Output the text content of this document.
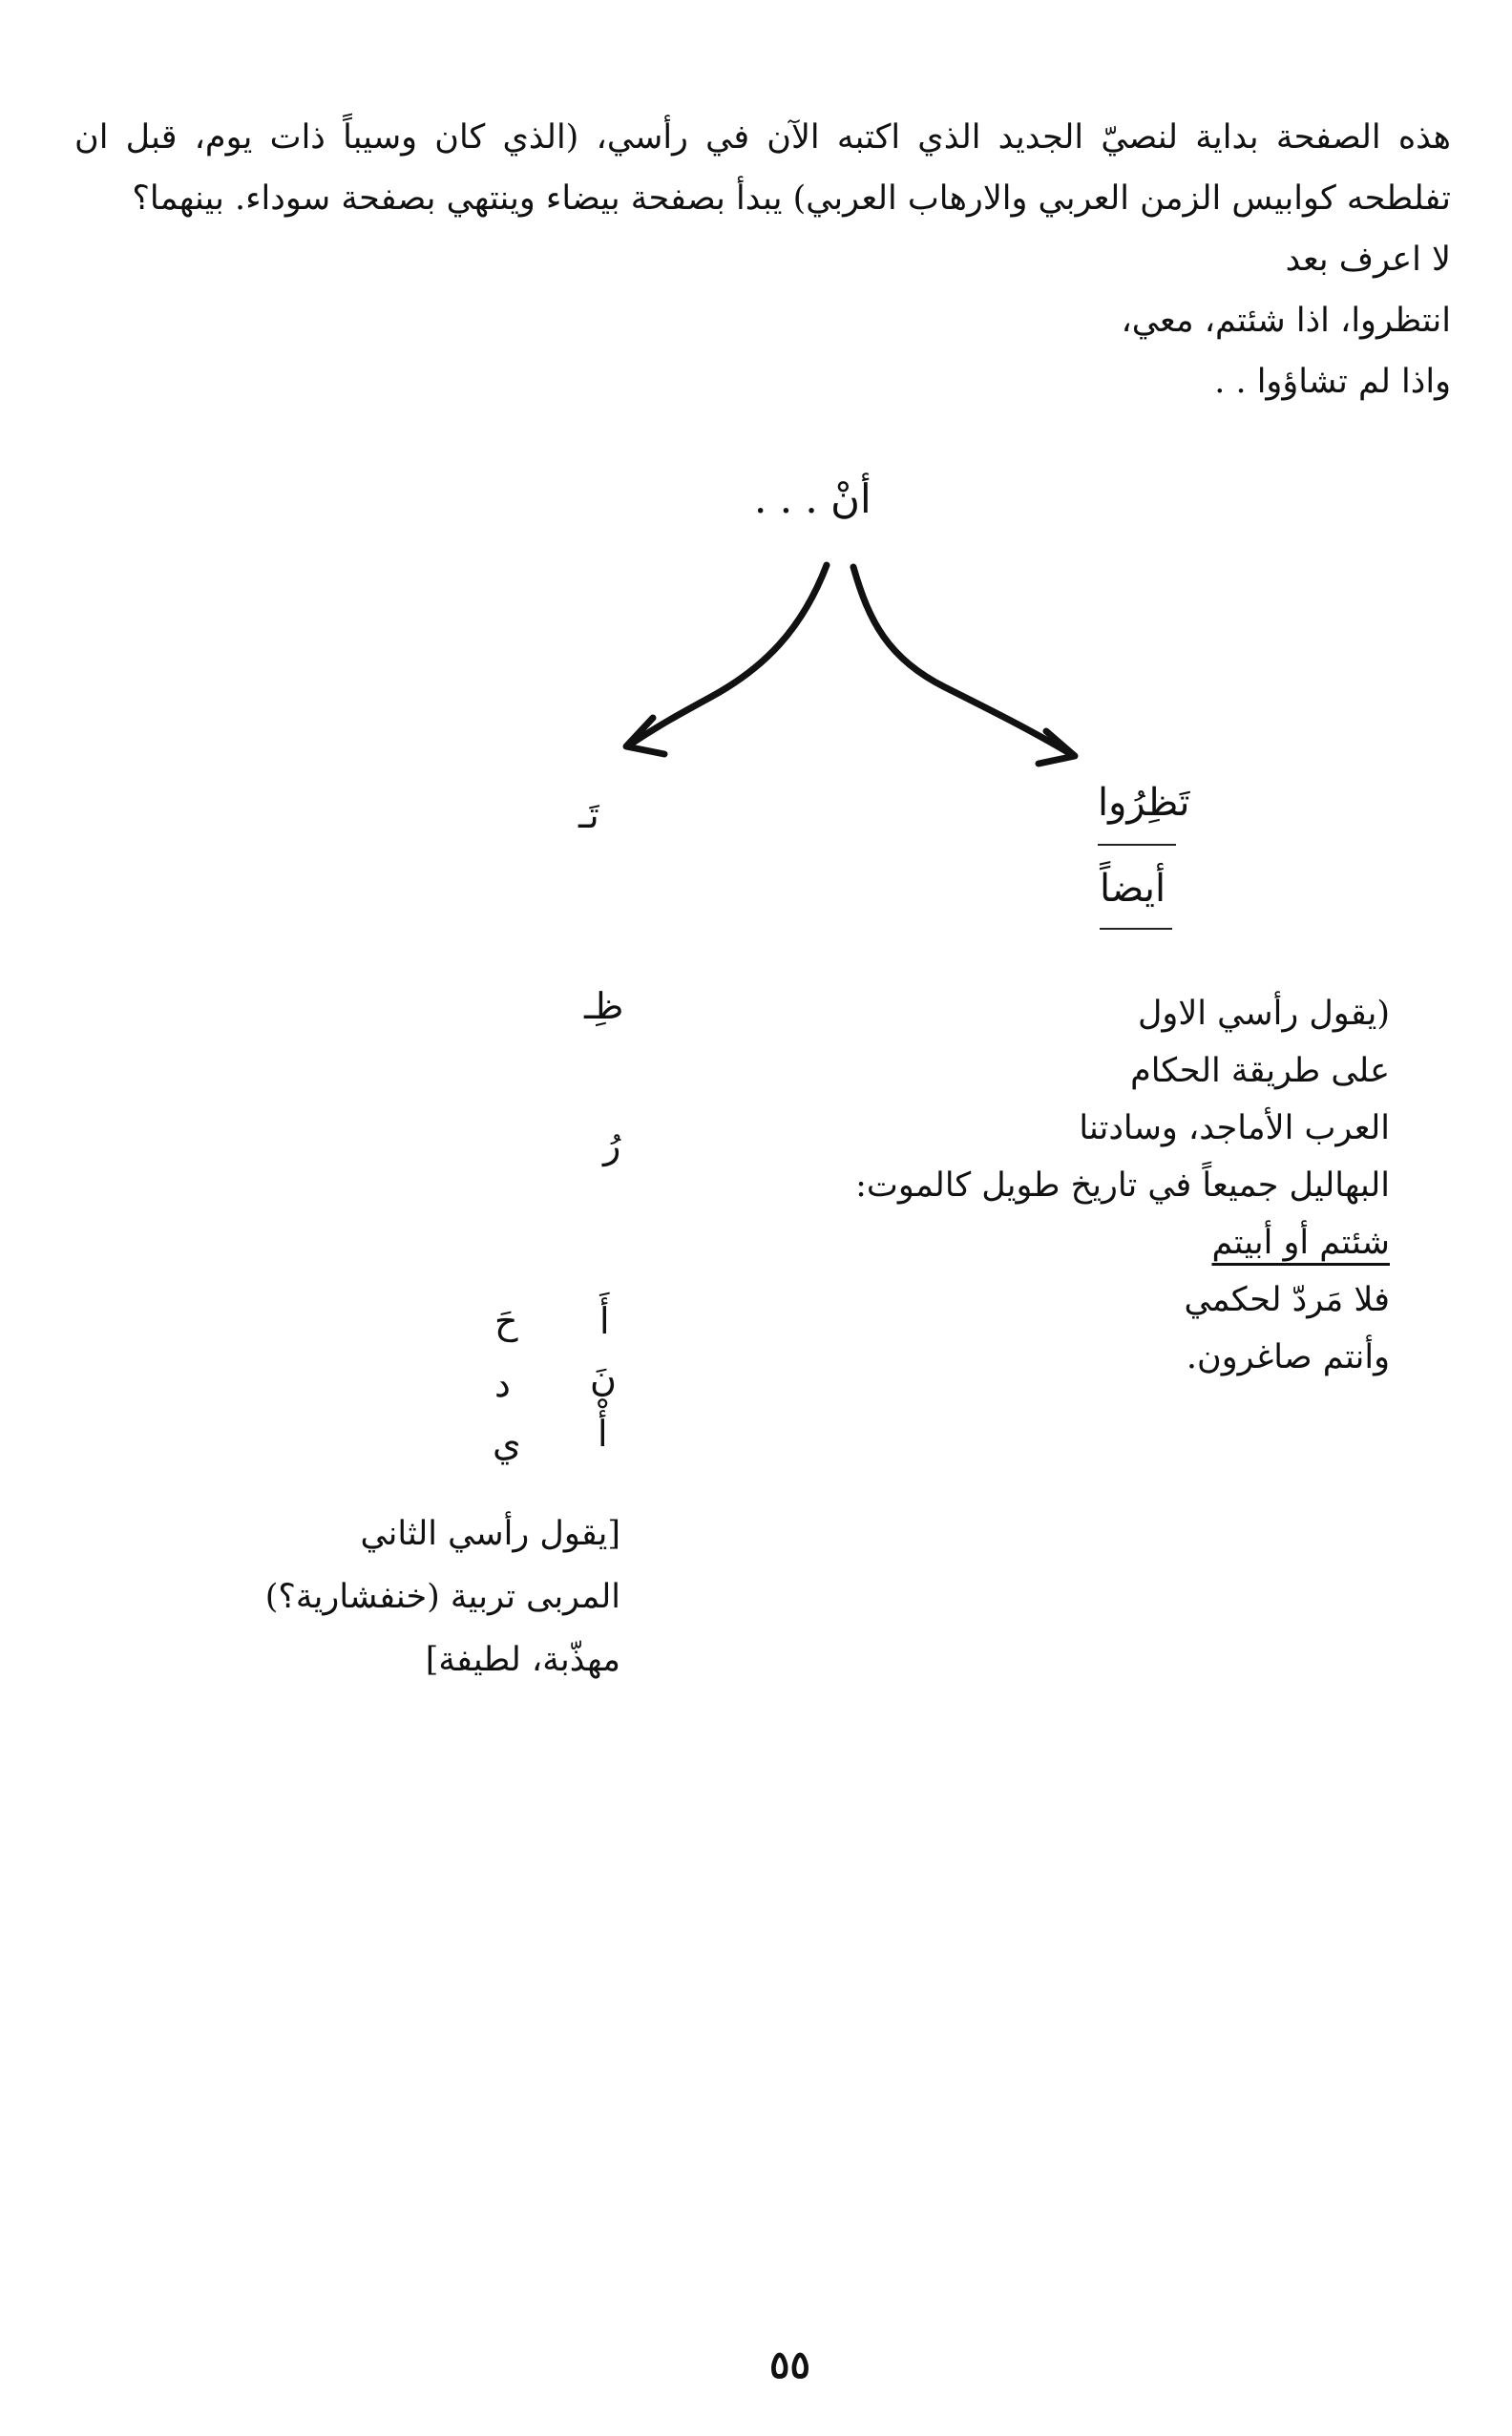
هذه الصفحة بداية لنصيّ الجديد الذي اكتبه الآن في رأسي، (الذي كان وسيباً ذات يوم، قبل ان تفلطحه كوابيس الزمن العربي والارهاب العربي) يبدأ بصفحة بيضاء وينتهي بصفحة سوداء. بينهما؟
لا اعرف بعد
انتظروا، اذا شئتم، معي،
واذا لم تشاؤوا . .
أنْ . . .
تَظِرُوا
أيضاً
(يقول رأسي الاول
على طريقة الحكام
العرب الأماجد، وسادتنا
البهاليل جميعاً في تاريخ طويل كالموت:
شئتم أو أبيتم
فلا مَردّ لحكمي
وأنتم صاغرون.
تَـ
ظِـ
رُ
أَ
حَ
نَ
د
أْ
ي
[يقول رأسي الثاني
المربى تربية (خنفشارية؟)
مهذّبة، لطيفة]
٥٥
